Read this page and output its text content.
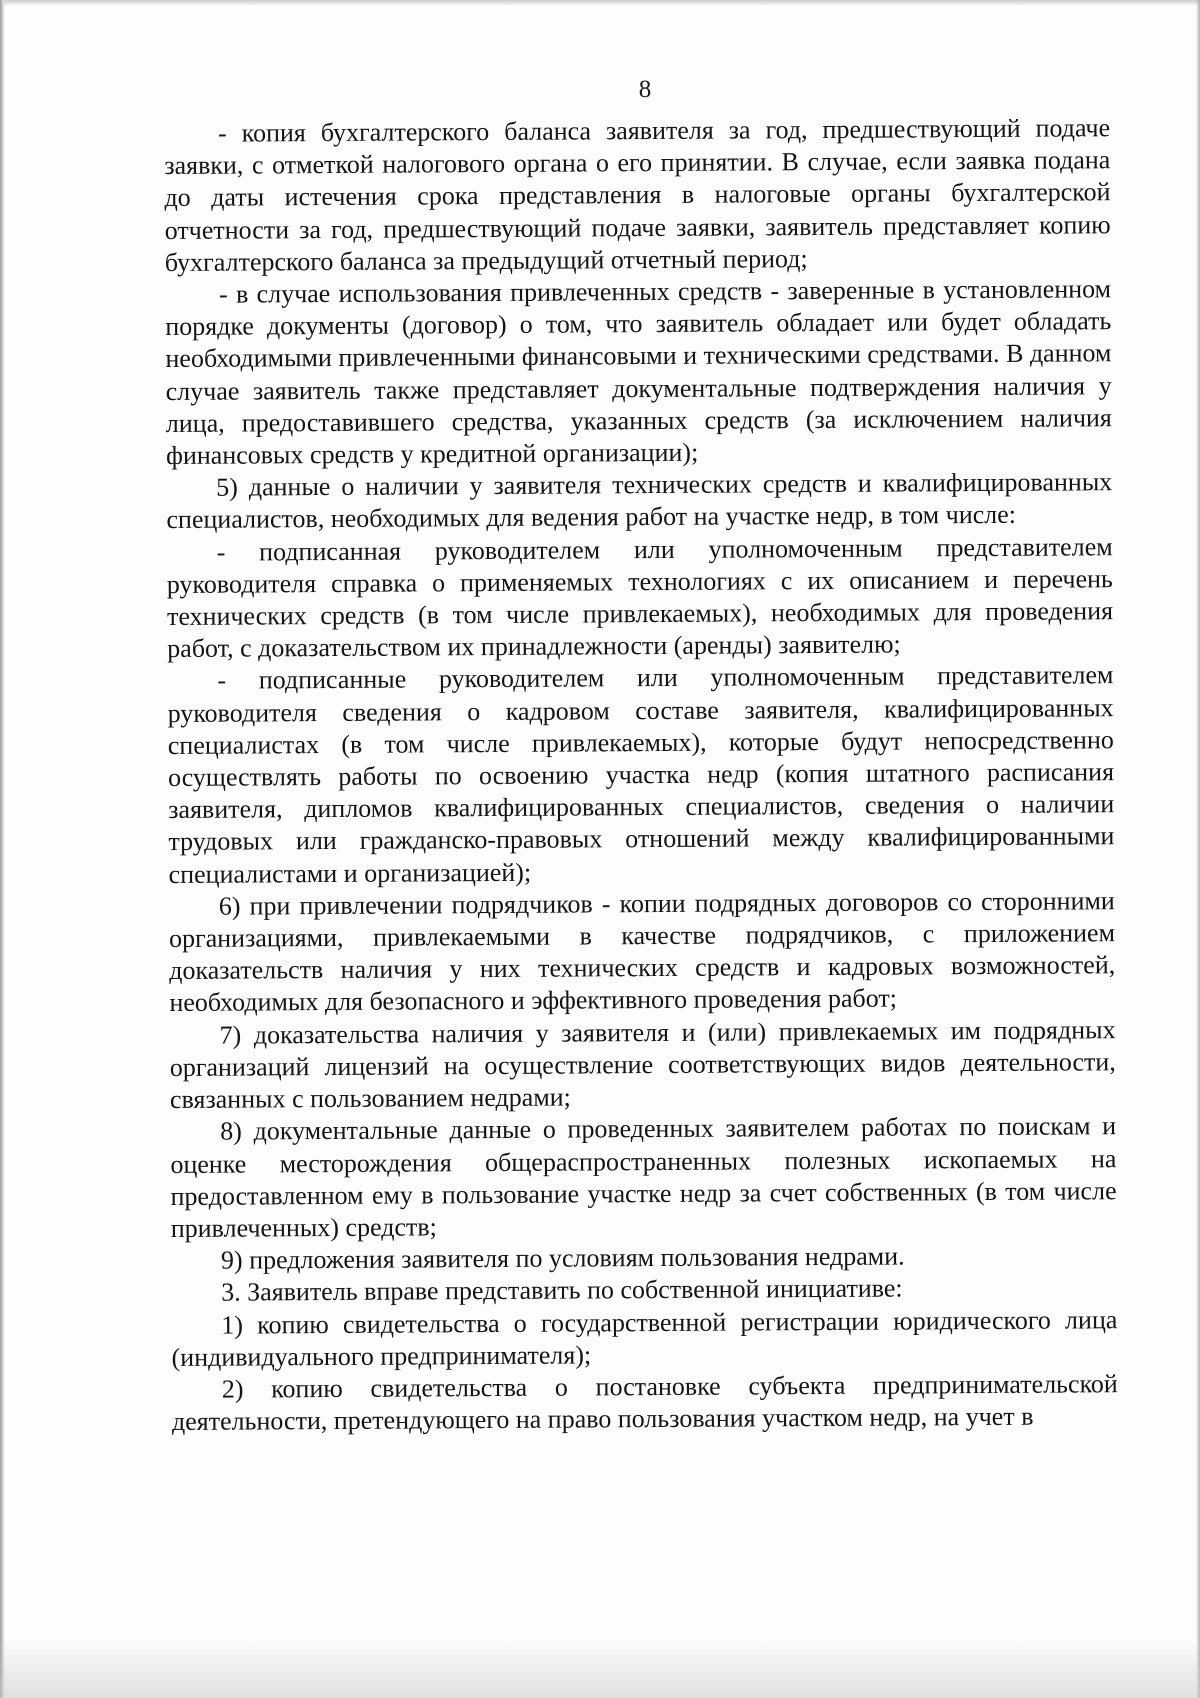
8

- копия бухгалтерского баланса заявителя за год, предшествующий подаче заявки, с отметкой налогового органа о его принятии. В случае, если заявка подана до даты истечения срока представления в налоговые органы бухгалтерской отчетности за год, предшествующий подаче заявки, заявитель представляет копию бухгалтерского баланса за предыдущий отчетный период;

- в случае использования привлеченных средств - заверенные в установленном порядке документы (договор) о том, что заявитель обладает или будет обладать необходимыми привлеченными финансовыми и техническими средствами. В данном случае заявитель также представляет документальные подтверждения наличия у лица, предоставившего средства, указанных средств (за исключением наличия финансовых средств у кредитной организации);

5) данные о наличии у заявителя технических средств и квалифицированных специалистов, необходимых для ведения работ на участке недр, в том числе:

- подписанная руководителем или уполномоченным представителем руководителя справка о применяемых технологиях с их описанием и перечень технических средств (в том числе привлекаемых), необходимых для проведения работ, с доказательством их принадлежности (аренды) заявителю;

- подписанные руководителем или уполномоченным представителем руководителя сведения о кадровом составе заявителя, квалифицированных специалистах (в том числе привлекаемых), которые будут непосредственно осуществлять работы по освоению участка недр (копия штатного расписания заявителя, дипломов квалифицированных специалистов, сведения о наличии трудовых или гражданско-правовых отношений между квалифицированными специалистами и организацией);

6) при привлечении подрядчиков - копии подрядных договоров со сторонними организациями, привлекаемыми в качестве подрядчиков, с приложением доказательств наличия у них технических средств и кадровых возможностей, необходимых для безопасного и эффективного проведения работ;

7) доказательства наличия у заявителя и (или) привлекаемых им подрядных организаций лицензий на осуществление соответствующих видов деятельности, связанных с пользованием недрами;

8) документальные данные о проведенных заявителем работах по поискам и оценке месторождения общераспространенных полезных ископаемых на предоставленном ему в пользование участке недр за счет собственных (в том числе привлеченных) средств;

9) предложения заявителя по условиям пользования недрами.

3. Заявитель вправе представить по собственной инициативе:

1) копию свидетельства о государственной регистрации юридического лица (индивидуального предпринимателя);

2) копию свидетельства о постановке субъекта предпринимательской деятельности, претендующего на право пользования участком недр, на учет в
